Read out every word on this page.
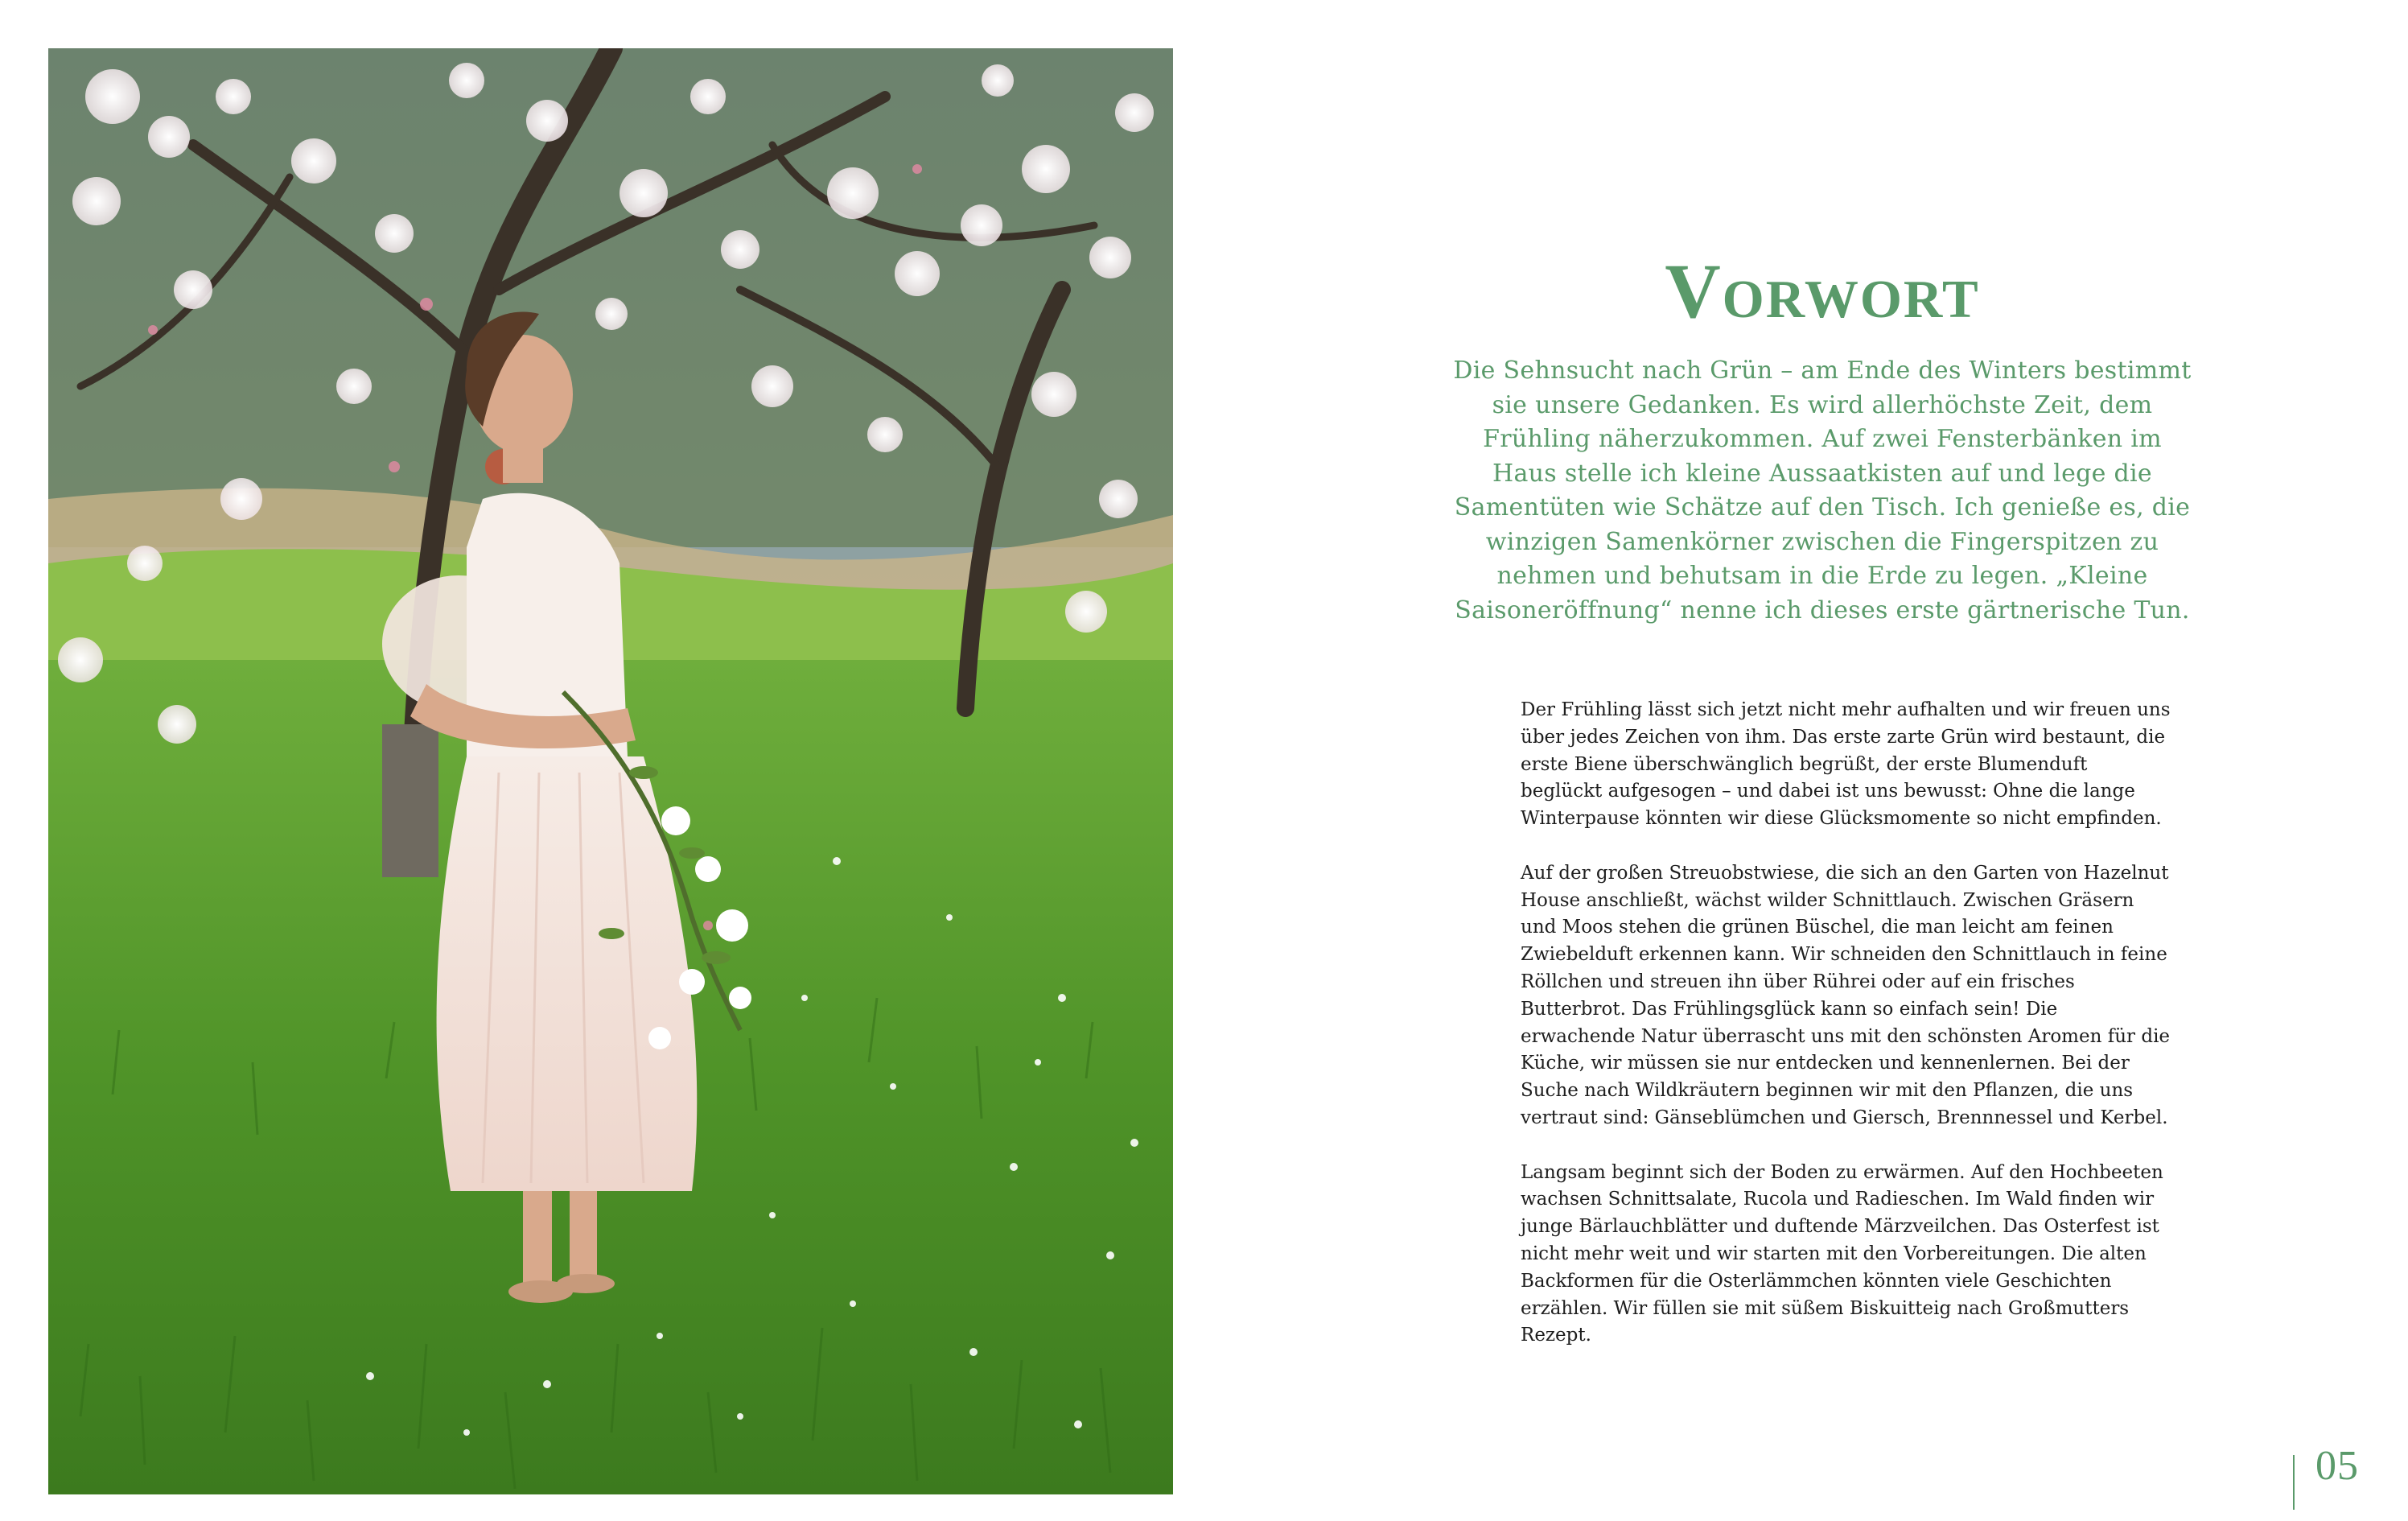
Vorwort
Die Sehnsucht nach Grün – am Ende des Winters bestimmt sie unsere Gedanken. Es wird allerhöchste Zeit, dem Frühling näherzukommen. Auf zwei Fensterbänken im Haus stelle ich kleine Aussaatkisten auf und lege die Samentüten wie Schätze auf den Tisch. Ich genieße es, die winzigen Samenkörner zwischen die Fingerspitzen zu nehmen und behutsam in die Erde zu legen. „Kleine Saisoneröffnung“ nenne ich dieses erste gärtnerische Tun.

Der Frühling lässt sich jetzt nicht mehr aufhalten und wir freuen uns über jedes Zeichen von ihm. Das erste zarte Grün wird bestaunt, die erste Biene überschwänglich begrüßt, der erste Blumenduft beglückt aufgesogen – und dabei ist uns bewusst: Ohne die lange Winterpause könnten wir diese Glücksmomente so nicht empfinden.

Auf der großen Streuobstwiese, die sich an den Garten von Hazelnut House anschließt, wächst wilder Schnittlauch. Zwischen Gräsern und Moos stehen die grünen Büschel, die man leicht am feinen Zwiebelduft erkennen kann. Wir schneiden den Schnittlauch in feine Röllchen und streuen ihn über Rührei oder auf ein frisches Butterbrot. Das Frühlingsglück kann so einfach sein! Die erwachende Natur überrascht uns mit den schönsten Aromen für die Küche, wir müssen sie nur entdecken und kennenlernen. Bei der Suche nach Wildkräutern beginnen wir mit den Pflanzen, die uns vertraut sind: Gänseblümchen und Giersch, Brennnessel und Kerbel.

Langsam beginnt sich der Boden zu erwärmen. Auf den Hochbeeten wachsen Schnittsalate, Rucola und Radieschen. Im Wald finden wir junge Bärlauchblätter und duftende Märzveilchen. Das Osterfest ist nicht mehr weit und wir starten mit den Vorbereitungen. Die alten Backformen für die Osterlämmchen könnten viele Geschichten erzählen. Wir füllen sie mit süßem Biskuitteig nach Großmutters Rezept.

05
